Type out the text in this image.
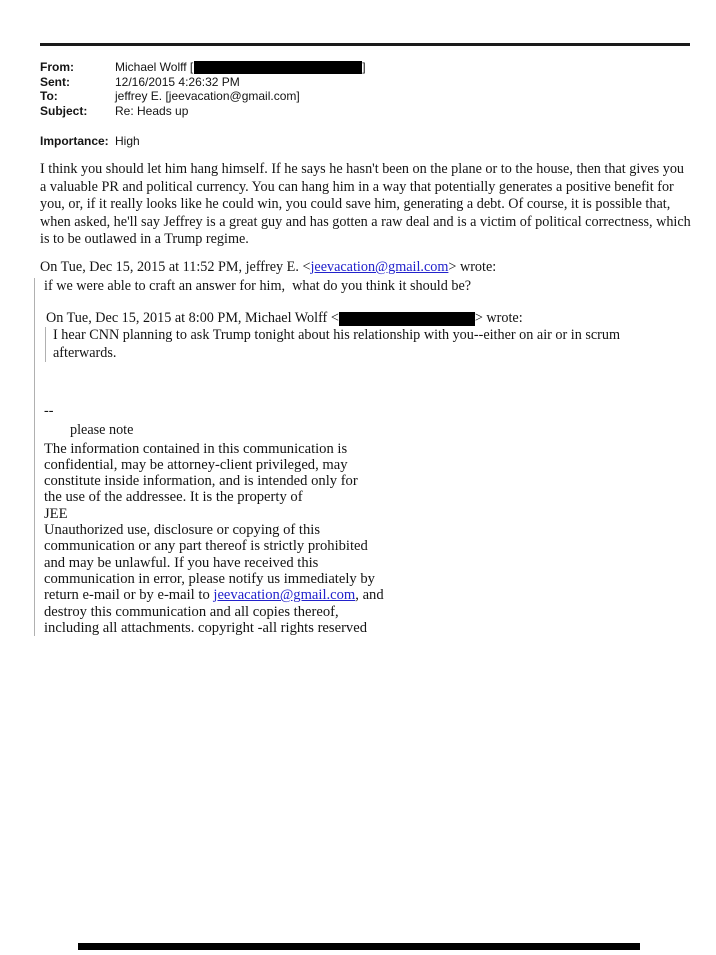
From:	Michael Wolff [	]
Sent:	12/16/2015 4:26:32 PM
To:	jeffrey E. [jeevacation@gmail.com]
Subject:	Re: Heads up
Importance: High
I think you should let him hang himself. If he says he hasn't been on the plane or to the house, then that gives you a valuable PR and political currency. You can hang him in a way that potentially generates a positive benefit for you, or, if it really looks like he could win, you could save him, generating a debt. Of course, it is possible that, when asked, he'll say Jeffrey is a great guy and has gotten a raw deal and is a victim of political correctness, which is to be outlawed in a Trump regime.
On Tue, Dec 15, 2015 at 11:52 PM, jeffrey E. <jeevacation@gmail.com> wrote:

if we were able to craft an answer for him,  what do you think it should be?

On Tue, Dec 15, 2015 at 8:00 PM, Michael Wolff <	> wrote:

I hear CNN planning to ask Trump tonight about his relationship with you--either on air or in scrum afterwards.

--

please note

The information contained in this communication is
confidential, may be attorney-client privileged, may
constitute inside information, and is intended only for
the use of the addressee. It is the property of
JEE
Unauthorized use, disclosure or copying of this
communication or any part thereof is strictly prohibited
and may be unlawful. If you have received this
communication in error, please notify us immediately by
return e-mail or by e-mail to jeevacation@gmail.com, and
destroy this communication and all copies thereof,
including all attachments. copyright -all rights reserved
